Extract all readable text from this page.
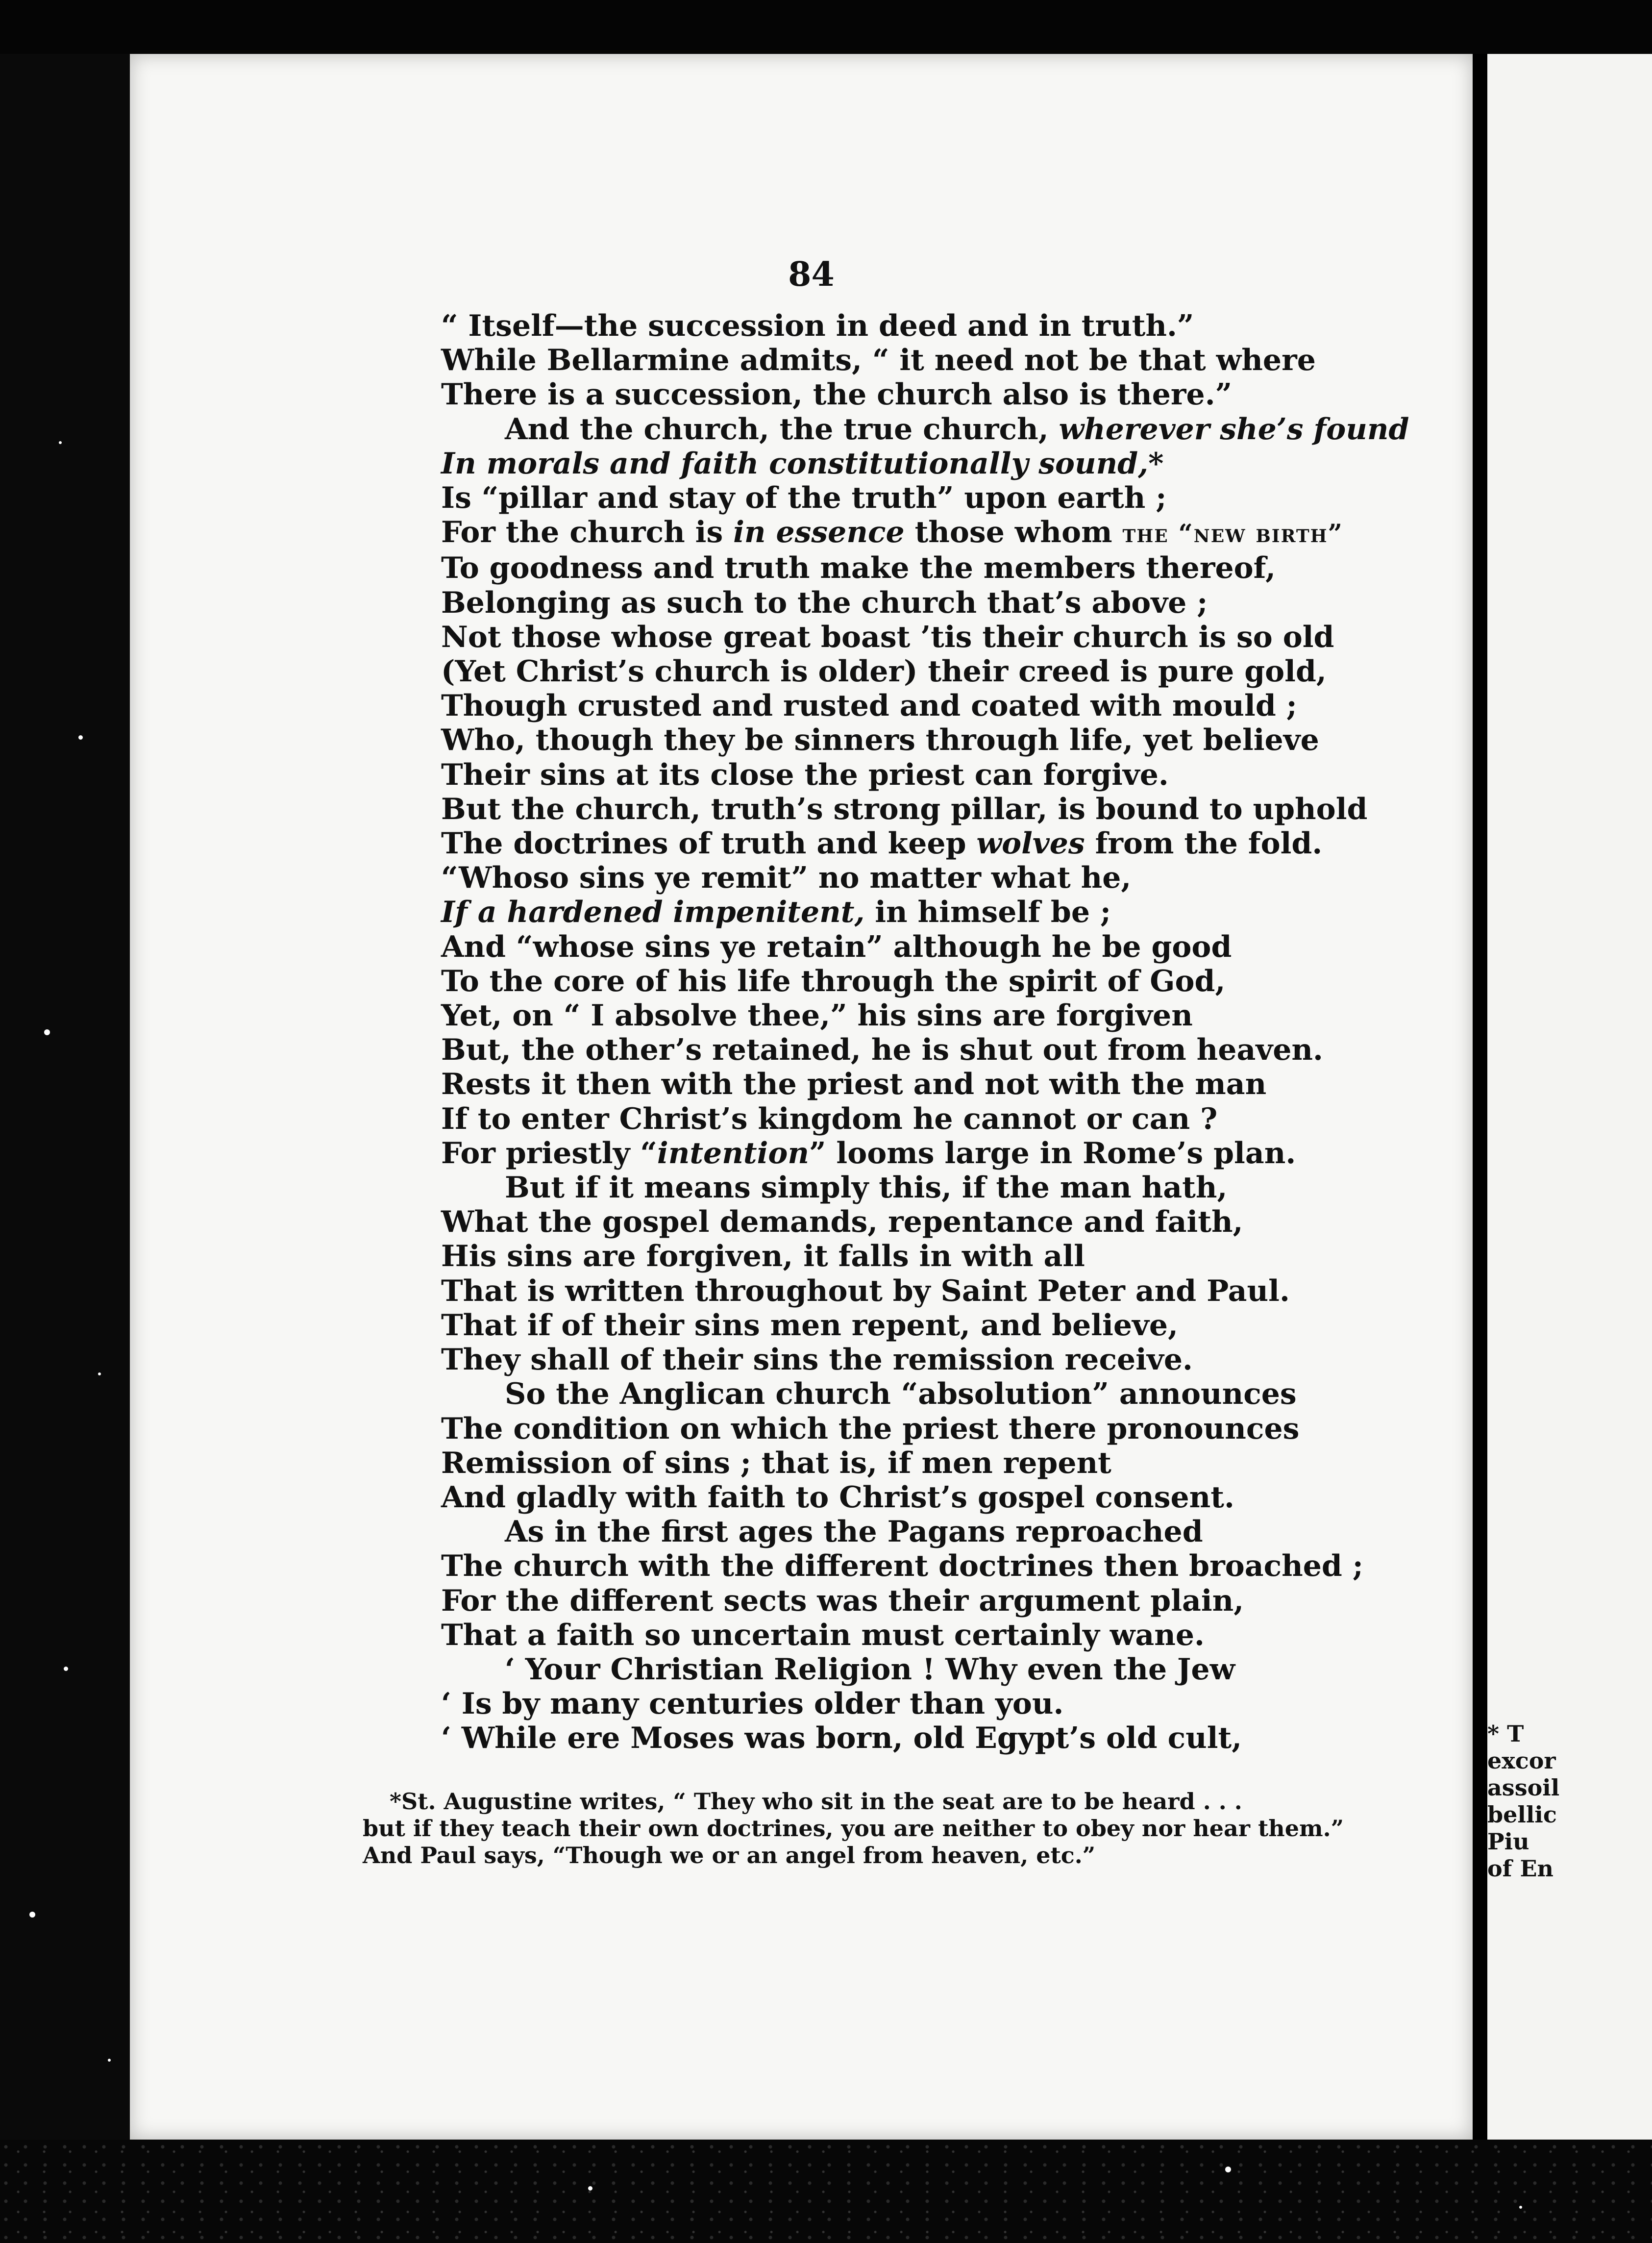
* T
excor
assoil
bellic
Piu
of En
84
“ Itself—the succession in deed and in truth.”
While Bellarmine admits, “ it need not be that where
There is a succession, the church also is there.”
And the church, the true church, wherever she’s found
In morals and faith constitutionally sound,*
Is “pillar and stay of the truth” upon earth ;
For the church is in essence those whom the “new birth”
To goodness and truth make the members thereof,
Belonging as such to the church that’s above ;
Not those whose great boast ’tis their church is so old
(Yet Christ’s church is older) their creed is pure gold,
Though crusted and rusted and coated with mould ;
Who, though they be sinners through life, yet believe
Their sins at its close the priest can forgive.
But the church, truth’s strong pillar, is bound to uphold
The doctrines of truth and keep wolves from the fold.
“Whoso sins ye remit” no matter what he,
If a hardened impenitent, in himself be ;
And “whose sins ye retain” although he be good
To the core of his life through the spirit of God,
Yet, on “ I absolve thee,” his sins are forgiven
But, the other’s retained, he is shut out from heaven.
Rests it then with the priest and not with the man
If to enter Christ’s kingdom he cannot or can ?
For priestly “intention” looms large in Rome’s plan.
But if it means simply this, if the man hath,
What the gospel demands, repentance and faith,
His sins are forgiven, it falls in with all
That is written throughout by Saint Peter and Paul.
That if of their sins men repent, and believe,
They shall of their sins the remission receive.
So the Anglican church “absolution” announces
The condition on which the priest there pronounces
Remission of sins ; that is, if men repent
And gladly with faith to Christ’s gospel consent.
As in the first ages the Pagans reproached
The church with the different doctrines then broached ;
For the different sects was their argument plain,
That a faith so uncertain must certainly wane.
‘ Your Christian Religion ! Why even the Jew
‘ Is by many centuries older than you.
‘ While ere Moses was born, old Egypt’s old cult,
*St. Augustine writes, “ They who sit in the seat are to be heard . . .
but if they teach their own doctrines, you are neither to obey nor hear them.”
And Paul says, “Though we or an angel from heaven, etc.”
